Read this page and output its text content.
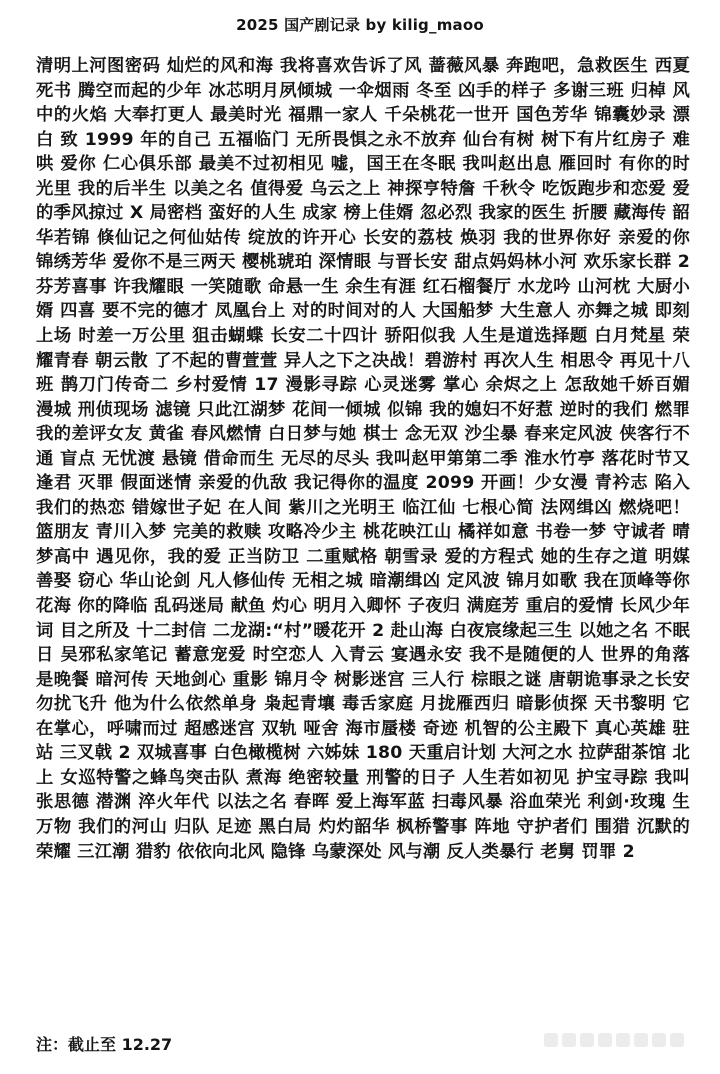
2025 国产剧记录 by kilig_maoo
清明上河图密码 灿烂的风和海 我将喜欢告诉了风 蔷薇风暴 奔跑吧，急救医生 西夏死书 腾空而起的少年 冰芯明月夙倾城 一伞烟雨 冬至 凶手的样子 多谢三班 归棹 风中的火焰 大奉打更人 最美时光 福鼎一家人 千朵桃花一世开 国色芳华 锦囊妙录 漂白 致 1999 年的自己 五福临门 无所畏惧之永不放弃 仙台有树 树下有片红房子 难哄 爱你 仁心俱乐部 最美不过初相见 嘘，国王在冬眠 我叫赵出息 雁回时 有你的时光里 我的后半生 以美之名 值得爱 乌云之上 神探亨特詹 千秋令 吃饭跑步和恋爱 爱的季风掠过 X 局密档 蛮好的人生 成家 榜上佳婿 忽必烈 我家的医生 折腰 藏海传 韶华若锦 倏仙记之何仙姑传 绽放的许开心 长安的荔枝 焕羽 我的世界你好 亲爱的你 锦绣芳华 爱你不是三两天 樱桃琥珀 深情眼 与晋长安 甜点妈妈林小河 欢乐家长群 2 芬芳喜事 许我耀眼 一笑随歌 命悬一生 余生有涯 红石榴餐厅 水龙吟 山河枕 大厨小婿 四喜 要不完的德才 凤凰台上 对的时间对的人 大国船梦 大生意人 亦舞之城 即刻上场 时差一万公里 狙击蝴蝶 长安二十四计 骄阳似我 人生是道选择题 白月梵星 荣耀青春 朝云散 了不起的曹萱萱 异人之下之决战！碧游村 再次人生 相思令 再见十八班 鹊刀门传奇二 乡村爱情 17 漫影寻踪 心灵迷雾 掌心 余烬之上 怎敌她千娇百媚 漫城 刑侦现场 滤镜 只此江湖梦 花间一倾城 似锦 我的媳妇不好惹 逆时的我们 燃罪 我的差评女友 黄雀 春风燃情 白日梦与她 棋士 念无双 沙尘暴 春来定风波 侠客行不通 盲点 无忧渡 悬镜 借命而生 无尽的尽头 我叫赵甲第第二季 淮水竹亭 落花时节又逢君 灭罪 假面迷情 亲爱的仇敌 我记得你的温度 2099 开画！少女漫 青衿志 陷入我们的热恋 错嫁世子妃 在人间 紫川之光明王 临江仙 七根心简 法网缉凶 燃烧吧！篮朋友 青川入梦 完美的救赎 攻略冷少主 桃花映江山 橘祥如意 书卷一梦 守诚者 晴梦高中 遇见你，我的爱 正当防卫 二重赋格 朝雪录 爱的方程式 她的生存之道 明媒善娶 窃心 华山论剑 凡人修仙传 无相之城 暗潮缉凶 定风波 锦月如歌 我在顶峰等你 花海 你的降临 乱码迷局 献鱼 灼心 明月入卿怀 子夜归 满庭芳 重启的爱情 长风少年词 目之所及 十二封信 二龙湖:“村”暖花开 2 赴山海 白夜宸缘起三生 以她之名 不眠日 吴邪私家笔记 蓄意宠爱 时空恋人 入青云 宴遇永安 我不是随便的人 世界的角落是晚餐 暗河传 天地剑心 重影 锦月令 树影迷宫 三人行 棕眼之谜 唐朝诡事录之长安 勿扰飞升 他为什么依然单身 枭起青壤 毒舌家庭 月拢雁西归 暗影侦探 天书黎明 它在掌心，呼啸而过 超感迷宫 双轨 哑舍 海市蜃楼 奇迹 机智的公主殿下 真心英雄 驻站 三叉戟 2 双城喜事 白色橄榄树 六姊妹 180 天重启计划 大河之水 拉萨甜茶馆 北上 女巡特警之蜂鸟突击队 煮海 绝密较量 刑警的日子 人生若如初见 护宝寻踪 我叫张思德 潜渊 淬火年代 以法之名 春晖 爱上海军蓝 扫毒风暴 浴血荣光 利剑·玫瑰 生万物 我们的河山 归队 足迹 黑白局 灼灼韶华 枫桥警事 阵地 守护者们 围猎 沉默的荣耀 三江潮 猎豹 依依向北风 隐锋 乌蒙深处 风与潮 反人类暴行 老舅 罚罪 2
注：截止至 12.27
